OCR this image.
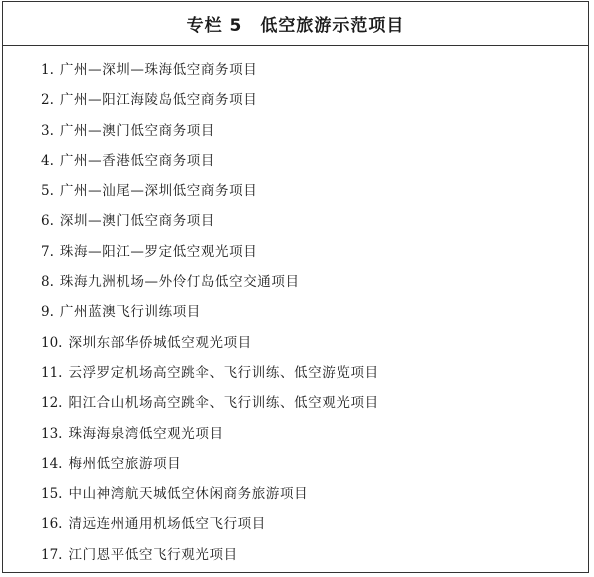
专栏 5　低空旅游示范项目
1. 广州—深圳—珠海低空商务项目
2. 广州—阳江海陵岛低空商务项目
3. 广州—澳门低空商务项目
4. 广州—香港低空商务项目
5. 广州—汕尾—深圳低空商务项目
6. 深圳—澳门低空商务项目
7. 珠海—阳江—罗定低空观光项目
8. 珠海九洲机场—外伶仃岛低空交通项目
9. 广州蓝澳飞行训练项目
10. 深圳东部华侨城低空观光项目
11. 云浮罗定机场高空跳伞、飞行训练、低空游览项目
12. 阳江合山机场高空跳伞、飞行训练、低空观光项目
13. 珠海海泉湾低空观光项目
14. 梅州低空旅游项目
15. 中山神湾航天城低空休闲商务旅游项目
16. 清远连州通用机场低空飞行项目
17. 江门恩平低空飞行观光项目
